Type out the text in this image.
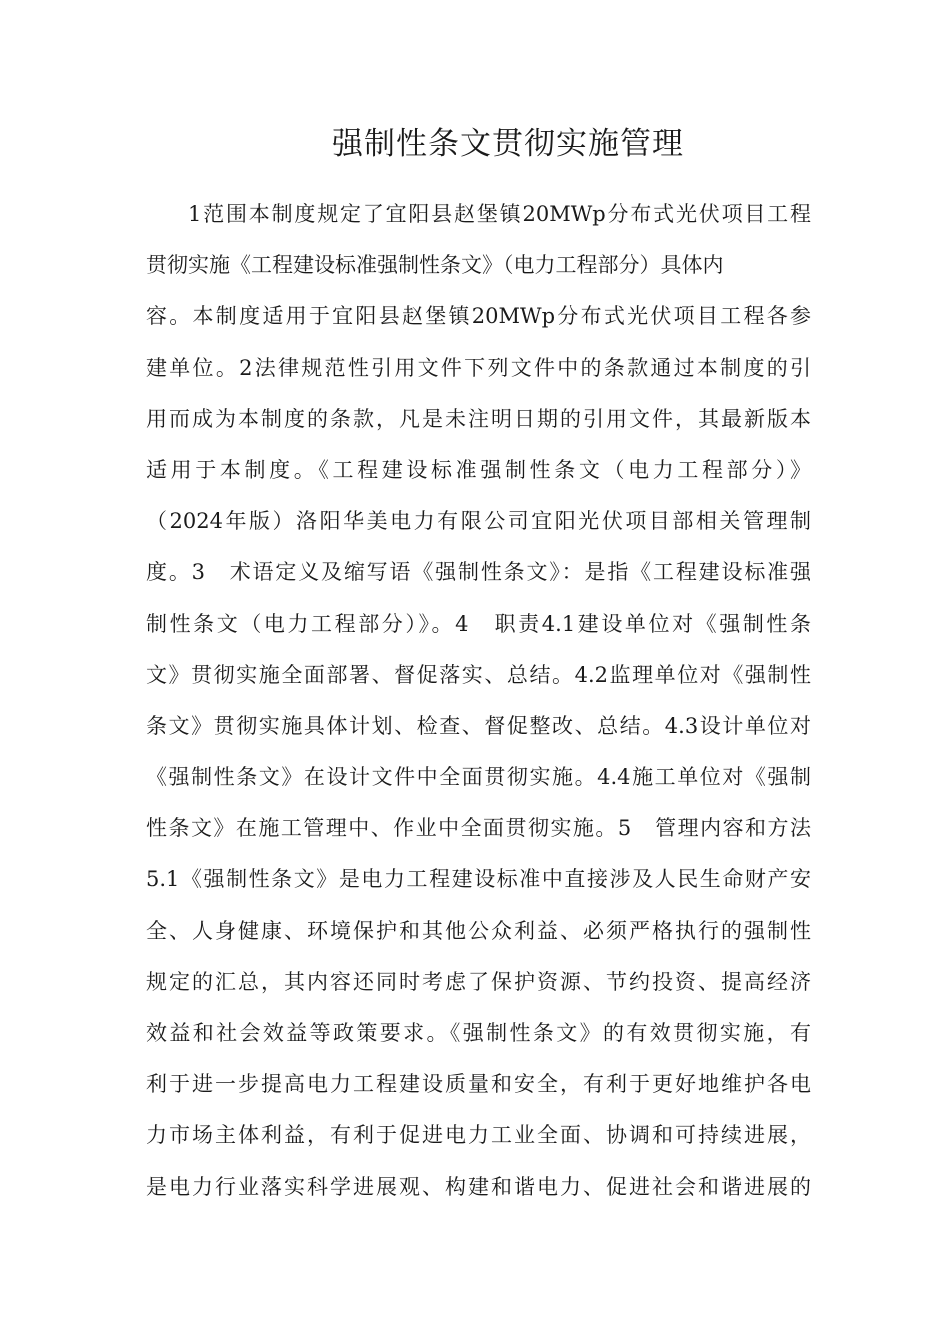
强制性条文贯彻实施管理
1范围本制度规定了宜阳县赵堡镇20MWp分布式光伏项目工程
贯彻实施《工程建设标准强制性条文》（电力工程部分）具体内
容。本制度适用于宜阳县赵堡镇20MWp分布式光伏项目工程各参
建单位。2法律规范性引用文件下列文件中的条款通过本制度的引
用而成为本制度的条款，凡是未注明日期的引用文件，其最新版本
适用于本制度。《工程建设标准强制性条文（电力工程部分）》
（2024年版）洛阳华美电力有限公司宜阳光伏项目部相关管理制
度。3　术语定义及缩写语《强制性条文》：是指《工程建设标准强
制性条文（电力工程部分）》。4　职责4.1建设单位对《强制性条
文》贯彻实施全面部署、督促落实、总结。4.2监理单位对《强制性
条文》贯彻实施具体计划、检查、督促整改、总结。4.3设计单位对
《强制性条文》在设计文件中全面贯彻实施。4.4施工单位对《强制
性条文》在施工管理中、作业中全面贯彻实施。5　管理内容和方法
5.1《强制性条文》是电力工程建设标准中直接涉及人民生命财产安
全、人身健康、环境保护和其他公众利益、必须严格执行的强制性
规定的汇总，其内容还同时考虑了保护资源、节约投资、提高经济
效益和社会效益等政策要求。《强制性条文》的有效贯彻实施，有
利于进一步提高电力工程建设质量和安全，有利于更好地维护各电
力市场主体利益，有利于促进电力工业全面、协调和可持续进展，
是电力行业落实科学进展观、构建和谐电力、促进社会和谐进展的
